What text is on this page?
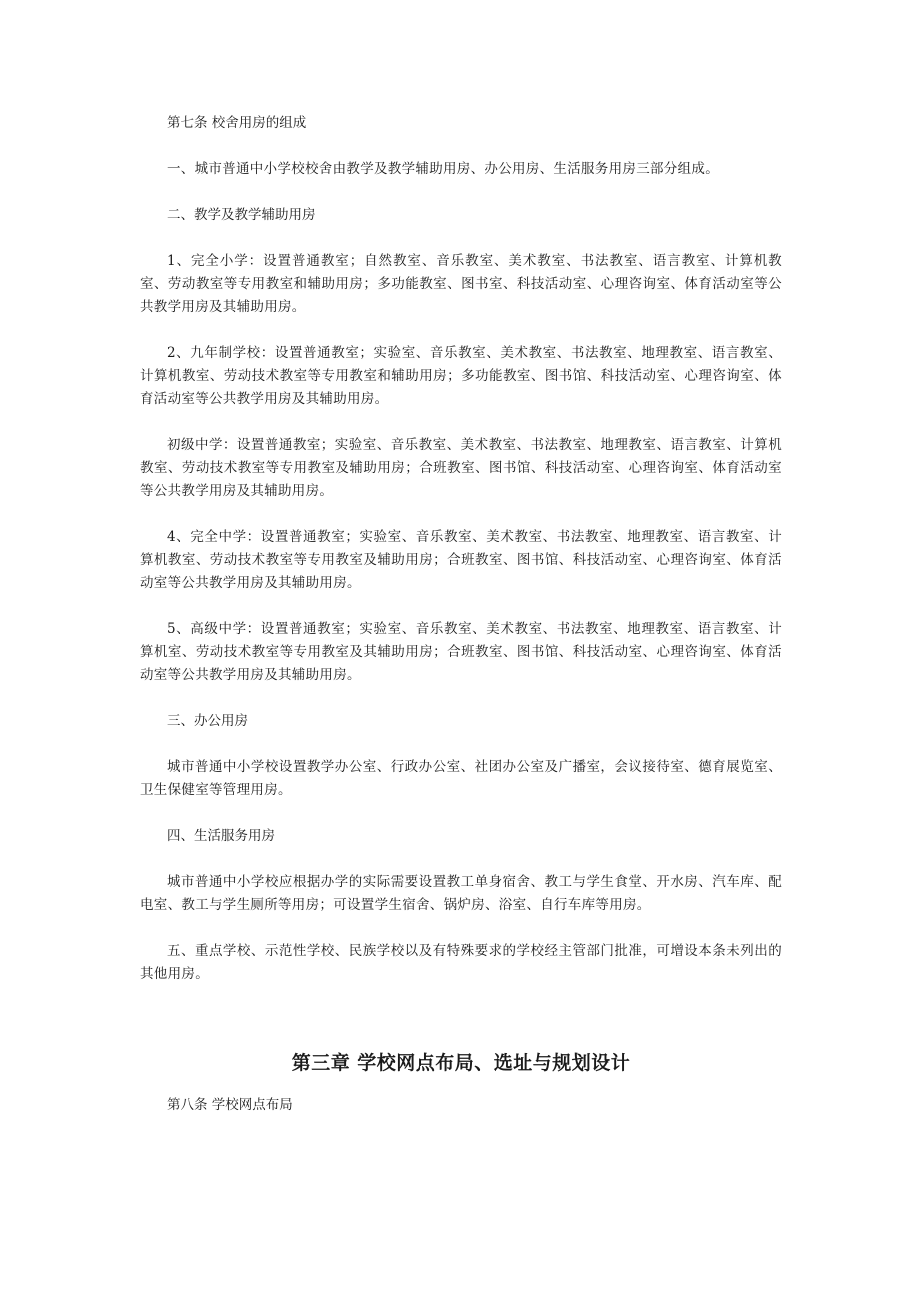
第七条 校舍用房的组成

一、城市普通中小学校校舍由教学及教学辅助用房、办公用房、生活服务用房三部分组成。

二、教学及教学辅助用房

1、完全小学：设置普通教室；自然教室、音乐教室、美术教室、书法教室、语言教室、计算机教室、劳动教室等专用教室和辅助用房；多功能教室、图书室、科技活动室、心理咨询室、体育活动室等公共教学用房及其辅助用房。

2、九年制学校：设置普通教室；实验室、音乐教室、美术教室、书法教室、地理教室、语言教室、计算机教室、劳动技术教室等专用教室和辅助用房；多功能教室、图书馆、科技活动室、心理咨询室、体育活动室等公共教学用房及其辅助用房。

初级中学：设置普通教室；实验室、音乐教室、美术教室、书法教室、地理教室、语言教室、计算机教室、劳动技术教室等专用教室及辅助用房；合班教室、图书馆、科技活动室、心理咨询室、体育活动室等公共教学用房及其辅助用房。

4、完全中学：设置普通教室；实验室、音乐教室、美术教室、书法教室、地理教室、语言教室、计算机教室、劳动技术教室等专用教室及辅助用房；合班教室、图书馆、科技活动室、心理咨询室、体育活动室等公共教学用房及其辅助用房。

5、高级中学：设置普通教室；实验室、音乐教室、美术教室、书法教室、地理教室、语言教室、计算机室、劳动技术教室等专用教室及其辅助用房；合班教室、图书馆、科技活动室、心理咨询室、体育活动室等公共教学用房及其辅助用房。

三、办公用房

城市普通中小学校设置教学办公室、行政办公室、社团办公室及广播室，会议接待室、德育展览室、卫生保健室等管理用房。

四、生活服务用房

城市普通中小学校应根据办学的实际需要设置教工单身宿舍、教工与学生食堂、开水房、汽车库、配电室、教工与学生厕所等用房；可设置学生宿舍、锅炉房、浴室、自行车库等用房。

五、重点学校、示范性学校、民族学校以及有特殊要求的学校经主管部门批准，可增设本条未列出的其他用房。

第三章 学校网点布局、选址与规划设计

第八条 学校网点布局
